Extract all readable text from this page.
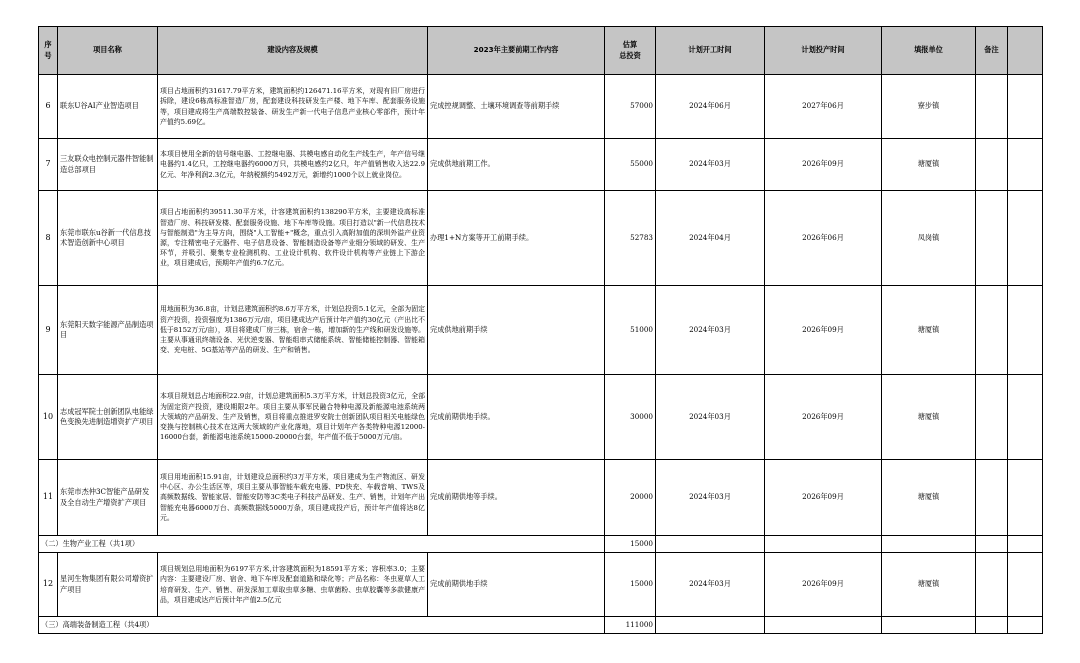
序号	项目名称	建设内容及规模	2023年主要前期工作内容	估算
总投资	计划开工时间	计划投产时间	填报单位	备注	
6	联东U谷AI产业智造项目	项目占地面积约31617.79平方米，建筑面积约126471.16平方米，对现有旧厂房进行拆除，建设6栋高标准智造厂房，配套建设科技研发生产楼、地下车库、配套服务设施等，项目建成将生产高端数控装备、研发生产新一代电子信息产业核心零部件，预计年产值约5.69亿。	完成控规调整、土壤环境调查等前期手续	57000	2024年06月	2027年06月	寮步镇		
7	三友联众电控制元器件智能制造总部项目	本项目使用全新的信号继电器、工控继电器、共模电感自动化生产线生产，年产信号继电器约1.4亿只，工控继电器约6000万只，共模电感约2亿只，年产值销售收入达22.9亿元、年净利润2.3亿元，年纳税额约5492万元，新增约1000个以上就业岗位。	完成供地前期工作。	55000	2024年03月	2026年09月	塘厦镇		
8	东莞市联东u谷新一代信息技术智造创新中心项目	项目占地面积约39511.30平方米，计容建筑面积约138290平方米，主要建设高标准智造厂房、科技研发楼、配套服务设施、地下车库等设施。项目打造以"新一代信息技术与智能制造"为主导方向，围绕"人工智能+"概念，重点引入高附加值的深圳外溢产业资源，专注精密电子元器件、电子信息设备、智能制造设备等产业细分领域的研发、生产环节，并吸引、聚集专业检测机构、工业设计机构、软件设计机构等产业链上下游企业，项目建成后，预期年产值约6.7亿元。	办理1+N方案等开工前期手续。	52783	2024年04月	2026年06月	凤岗镇		
9	东莞阳天数字能源产品制造项目	用地面积为36.8亩，计划总建筑面积约8.6万平方米，计划总投资5.1亿元，全部为固定资产投资，投资强度为1386万元/亩，项目建成达产后预计年产值约30亿元（产出比不低于8152万元/亩），项目将建成厂房三栋，宿舍一栋，增加新的生产线和研发设施等。主要从事通讯终端设备、光伏逆变器、智能组串式储能系统、智能储能控制器、智能箱变、充电桩、5G基站等产品的研发、生产和销售。	完成供地前期手续	51000	2024年03月	2026年09月	塘厦镇		
10	志成冠军院士创新团队电能绿色变换先进制造增资扩产项目	本项目规划总占地面积22.9亩，计划总建筑面积5.3万平方米，计划总投资3亿元，全部为固定资产投资，建设期限2年。项目主要从事军民融合特种电源及新能源电池系统两大领域的产品研发、生产及销售，项目将重点推进罗安院士创新团队项目相关电能绿色变换与控制核心技术在这两大领域的产业化落地，项目计划年产各类特种电源12000-16000台套，新能源电池系统15000-20000台套，年产值不低于5000万元/亩。	完成前期供地手续。	30000	2024年03月	2026年09月	塘厦镇		
11	东莞市杰仲3C智能产品研发及全自动生产增资扩产项目	项目用地面积15.91亩，计划建设总面积约3万平方米，项目建成为生产物流区、研发中心区、办公生活区等，项目主要从事智能车载充电器、PD快充、车载音响、TWS及高频数据线、智能家居、智能安防等3C类电子科技产品研发、生产、销售，计划年产出智能充电器6000万台、高频数据线5000万条，项目建成投产后，预计年产值将达8亿元。	完成前期供地等手续。	20000	2024年03月	2026年09月	塘厦镇		
（二）生物产业工程（共1项）				15000					
12	星河生物集团有限公司增资扩产项目	项目规划总用地面积为6197平方米,计容建筑面积为18591平方米；容积率3.0；主要内容：主要建设厂房、宿舍、地下车库及配套道路和绿化等；产品名称：冬虫夏草人工培育研发、生产、销售、研发深加工草取虫草多糖、虫草菌粉、虫草胶囊等多款健康产品，项目建成达产后预计年产值2.5亿元	完成前期供地手续	15000	2024年03月	2026年09月	塘厦镇		
（三）高端装备制造工程（共4项）				111000					
